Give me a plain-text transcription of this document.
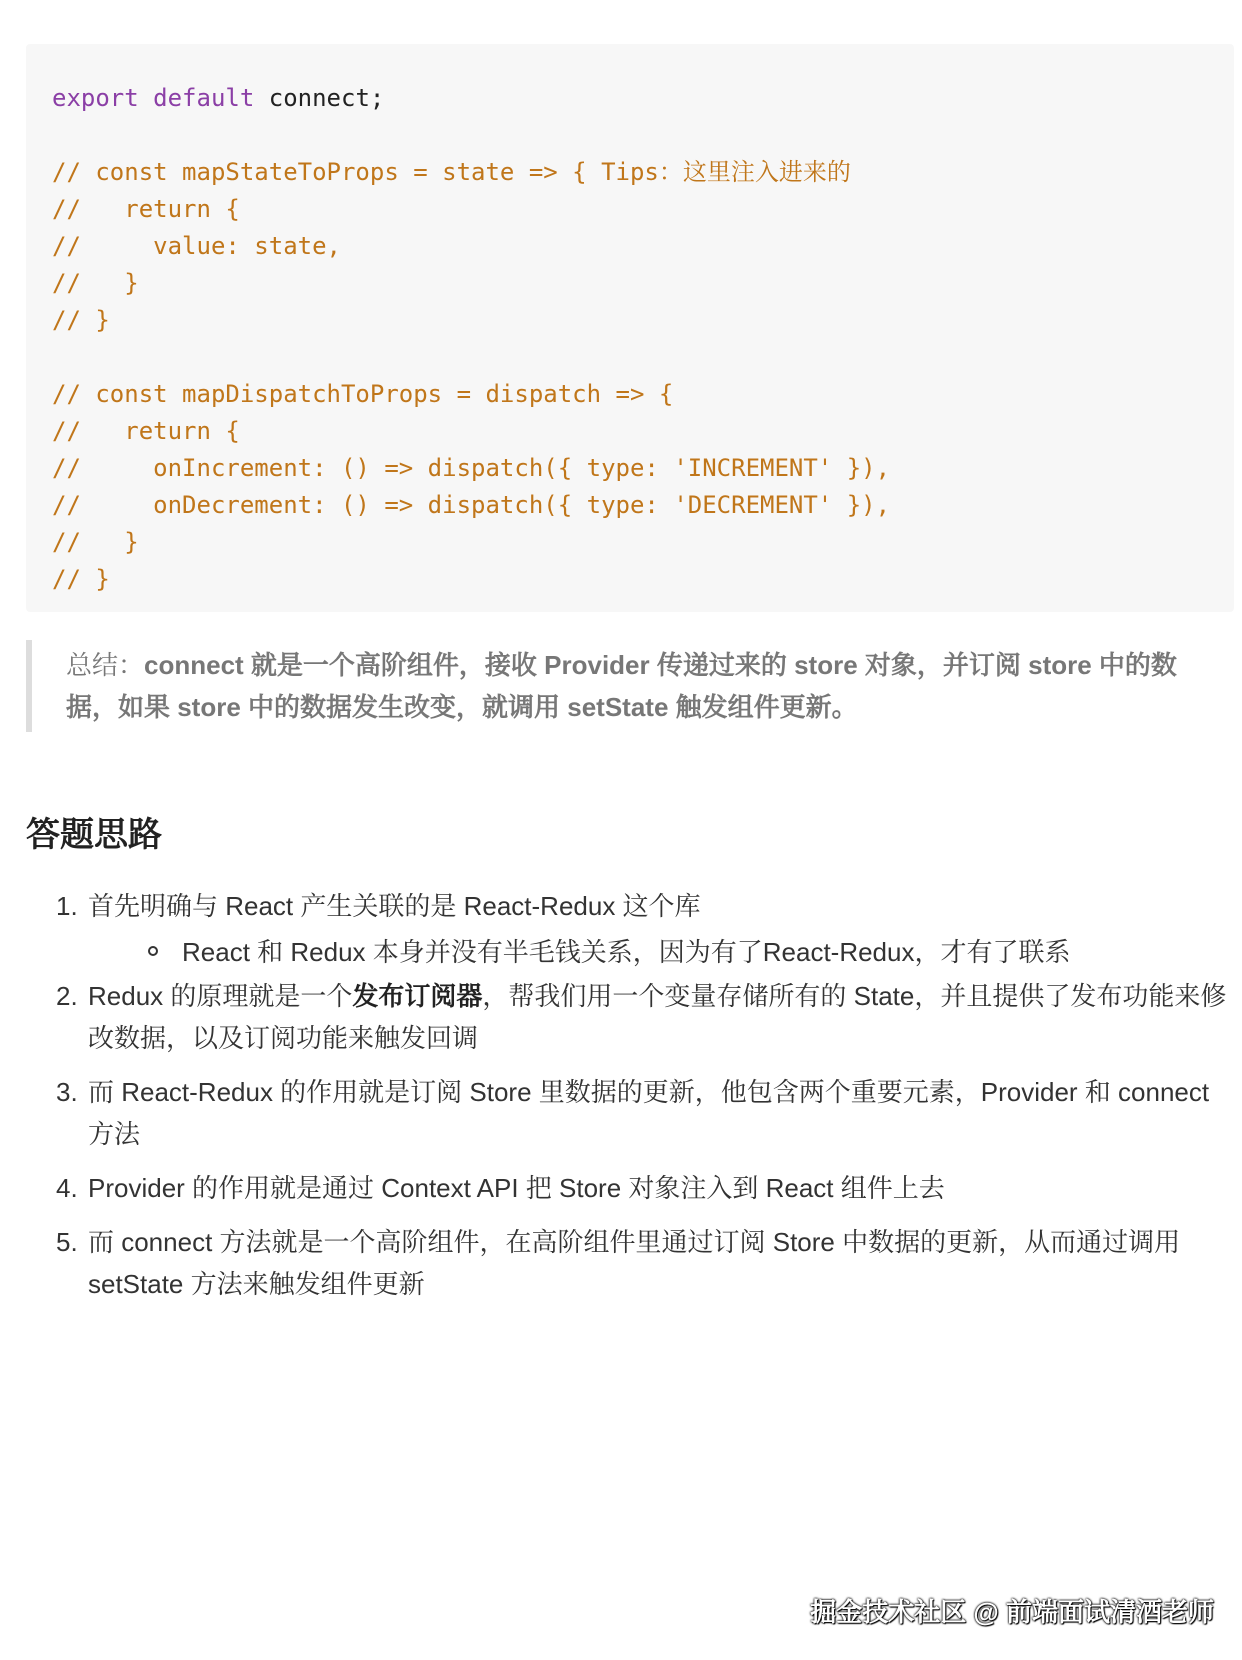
export default connect;

// const mapStateToProps = state => { Tips：这里注入进来的
//   return {
//     value: state,
//   }
// }

// const mapDispatchToProps = dispatch => {
//   return {
//     onIncrement: () => dispatch({ type: 'INCREMENT' }),
//     onDecrement: () => dispatch({ type: 'DECREMENT' }),
//   }
// }
总结：connect 就是一个高阶组件，接收 Provider 传递过来的 store 对象，并订阅 store 中的数据，如果 store 中的数据发生改变，就调用 setState 触发组件更新。
答题思路
1. 首先明确与 React 产生关联的是 React-Redux 这个库
React 和 Redux 本身并没有半毛钱关系，因为有了React-Redux，才有了联系
2. Redux 的原理就是一个发布订阅器，帮我们用一个变量存储所有的 State，并且提供了发布功能来修改数据，以及订阅功能来触发回调
3. 而 React-Redux 的作用就是订阅 Store 里数据的更新，他包含两个重要元素，Provider 和 connect 方法
4. Provider 的作用就是通过 Context API 把 Store 对象注入到 React 组件上去
5. 而 connect 方法就是一个高阶组件，在高阶组件里通过订阅 Store 中数据的更新，从而通过调用 setState 方法来触发组件更新
掘金技术社区 @ 前端面试清酒老师
